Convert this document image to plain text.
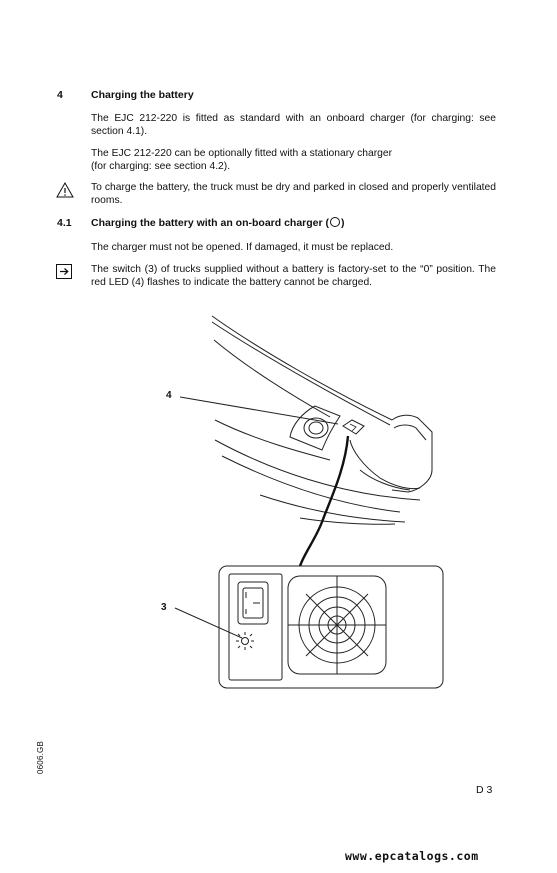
4	Charging the battery
The EJC 212-220 is fitted as standard with an onboard charger (for charging: see section 4.1).
The EJC 212-220 can be optionally fitted with a stationary charger
(for charging: see section 4.2).
To charge the battery, the truck must be dry and parked in closed and properly ventilated rooms.
4.1 Charging the battery with an on-board charger ( )
The charger must not be opened. If damaged, it must be replaced.
The switch (3) of trucks supplied without a battery is factory-set to the “0” position. The red LED (4) flashes to indicate the battery cannot be charged.
4
3
0606.GB
D 3
www.epcatalogs.com
